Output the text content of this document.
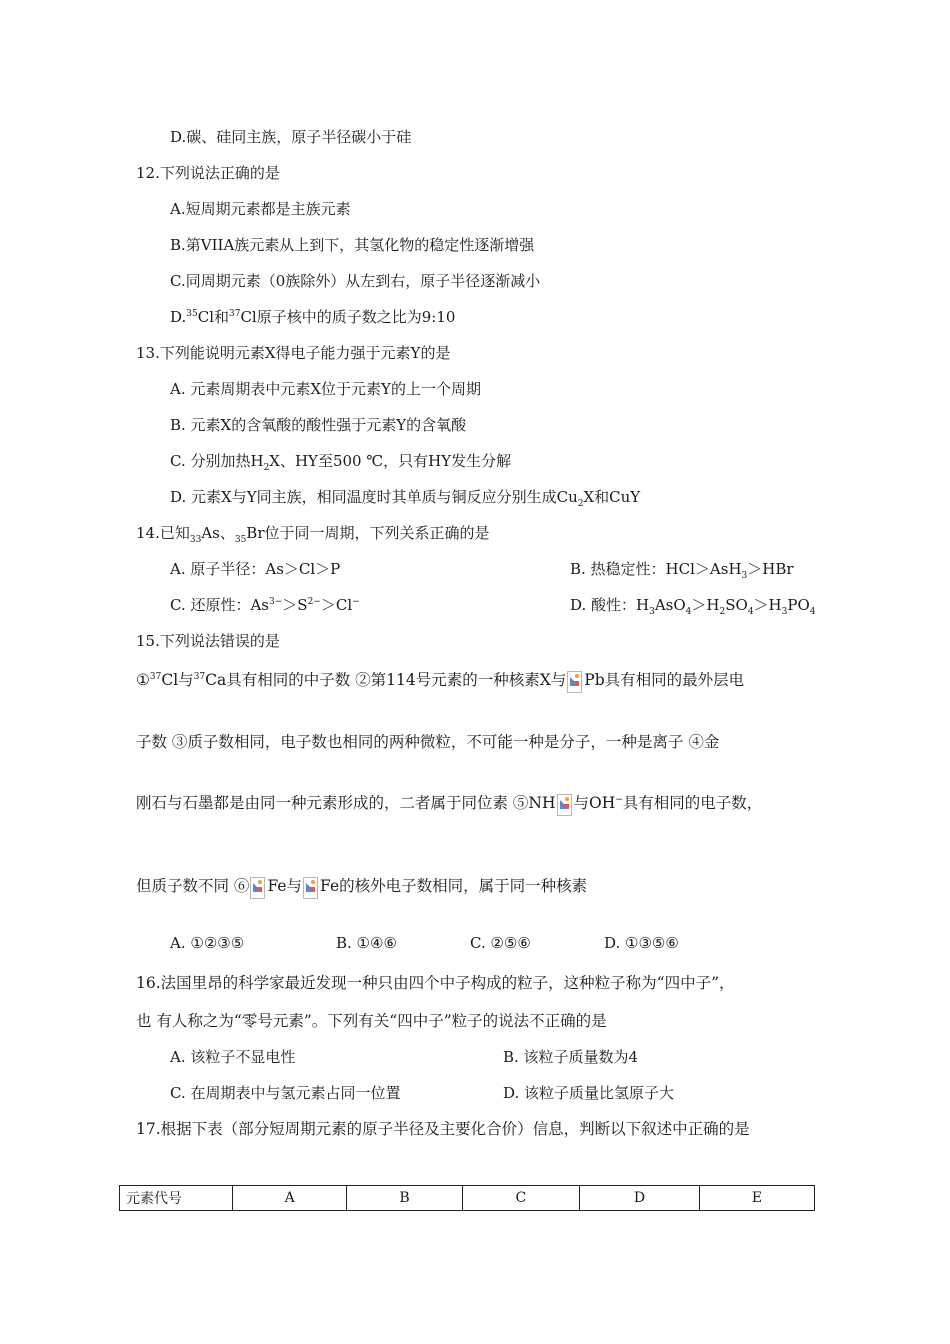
D.碳、硅同主族，原子半径碳小于硅
12.下列说法正确的是
A.短周期元素都是主族元素
B.第VIIA族元素从上到下，其氢化物的稳定性逐渐增强
C.同周期元素（0族除外）从左到右，原子半径逐渐减小
D.$^{35}$Cl和$^{37}$Cl原子核中的质子数之比为9:10
13.下列能说明元素X得电子能力强于元素Y的是
A. 元素周期表中元素X位于元素Y的上一个周期
B. 元素X的含氧酸的酸性强于元素Y的含氧酸
C. 分别加热$H_2X$、HY至500 ℃，只有HY发生分解
D. 元素X与Y同主族，相同温度时其单质与铜反应分别生成$Cu_2X$和CuY
14.已知$_{33}$As、$_{35}$Br位于同一周期，下列关系正确的是
A. 原子半径：As＞Cl＞P	B. 热稳定性：HCl＞AsH$_3$＞HBr
C. 还原性：$As^{3-}>S^{2-}>Cl^-$	D. 酸性：$H_3AsO_4>H_2SO_4>H_3PO_4$
15.下列说法错误的是
①$^{37}$Cl与$^{37}$Ca具有相同的中子数 ②第114号元素的一种核素X与 Pb具有相同的最外层电
子数 ③质子数相同，电子数也相同的两种微粒，不可能一种是分子，一种是离子 ④金
刚石与石墨都是由同一种元素形成的，二者属于同位素 ⑤NH 与OH−具有相同的电子数，
但质子数不同 ⑥ Fe与 Fe的核外电子数相同，属于同一种核素
A. ①②③⑤	B. ①④⑥	C. ②⑤⑥	D. ①③⑤⑥
16.法国里昂的科学家最近发现一种只由四个中子构成的粒子，这种粒子称为“四中子”，
也 有人称之为“零号元素”。下列有关“四中子”粒子的说法不正确的是
A. 该粒子不显电性	B. 该粒子质量数为4
C. 在周期表中与氢元素占同一位置	D. 该粒子质量比氢原子大
17.根据下表（部分短周期元素的原子半径及主要化合价）信息，判断以下叙述中正确的是
元素代号	A	B	C	D	E
